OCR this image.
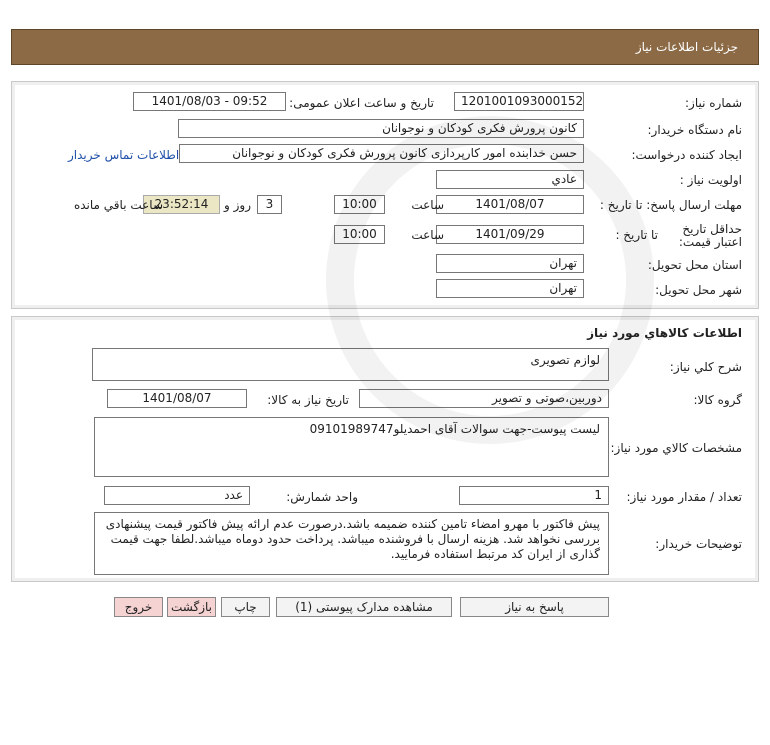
جزئیات اطلاعات نیاز
شماره نیاز:
1201001093000152
تاریخ و ساعت اعلان عمومی:
1401/08/03 - 09:52
نام دستگاه خریدار:
کانون پرورش فکری کودکان و نوجوانان
ایجاد کننده درخواست:
حسن خدابنده امور کارپردازی کانون پرورش فکری کودکان و نوجوانان
اطلاعات تماس خریدار
اولویت نیاز :
عادي
مهلت ارسال پاسخ: تا تاریخ :
1401/08/07
ساعت
10:00
3
روز و
23:52:14
ساعت باقي مانده
حداقل تاریخ اعتبار قیمت:
تا تاریخ :
1401/09/29
ساعت
10:00
استان محل تحویل:
تهران
شهر محل تحویل:
تهران
اطلاعات کالاهاي مورد نياز
شرح کلي نياز:
لوازم تصویری
گروه کالا:
دوربین،صوتی و تصویر
تاریخ نیاز به کالا:
1401/08/07
مشخصات کالاي مورد نياز:
لیست پیوست-جهت سوالات آقای احمدیلو09101989747
تعداد / مقدار مورد نیاز:
1
واحد شمارش:
عدد
توضیحات خریدار:
پیش فاکتور با مهرو امضاء تامین کننده ضمیمه باشد.درصورت عدم ارائه پیش فاکتور قیمت پیشنهادی بررسی نخواهد شد. هزینه ارسال با فروشنده میباشد. پرداخت حدود دوماه میباشد.لطفا جهت قیمت گذاری از ایران کد مرتبط استفاده فرمایید.
پاسخ به نیاز
مشاهده مدارک پیوستی (1)
چاپ
بازگشت
خروج
